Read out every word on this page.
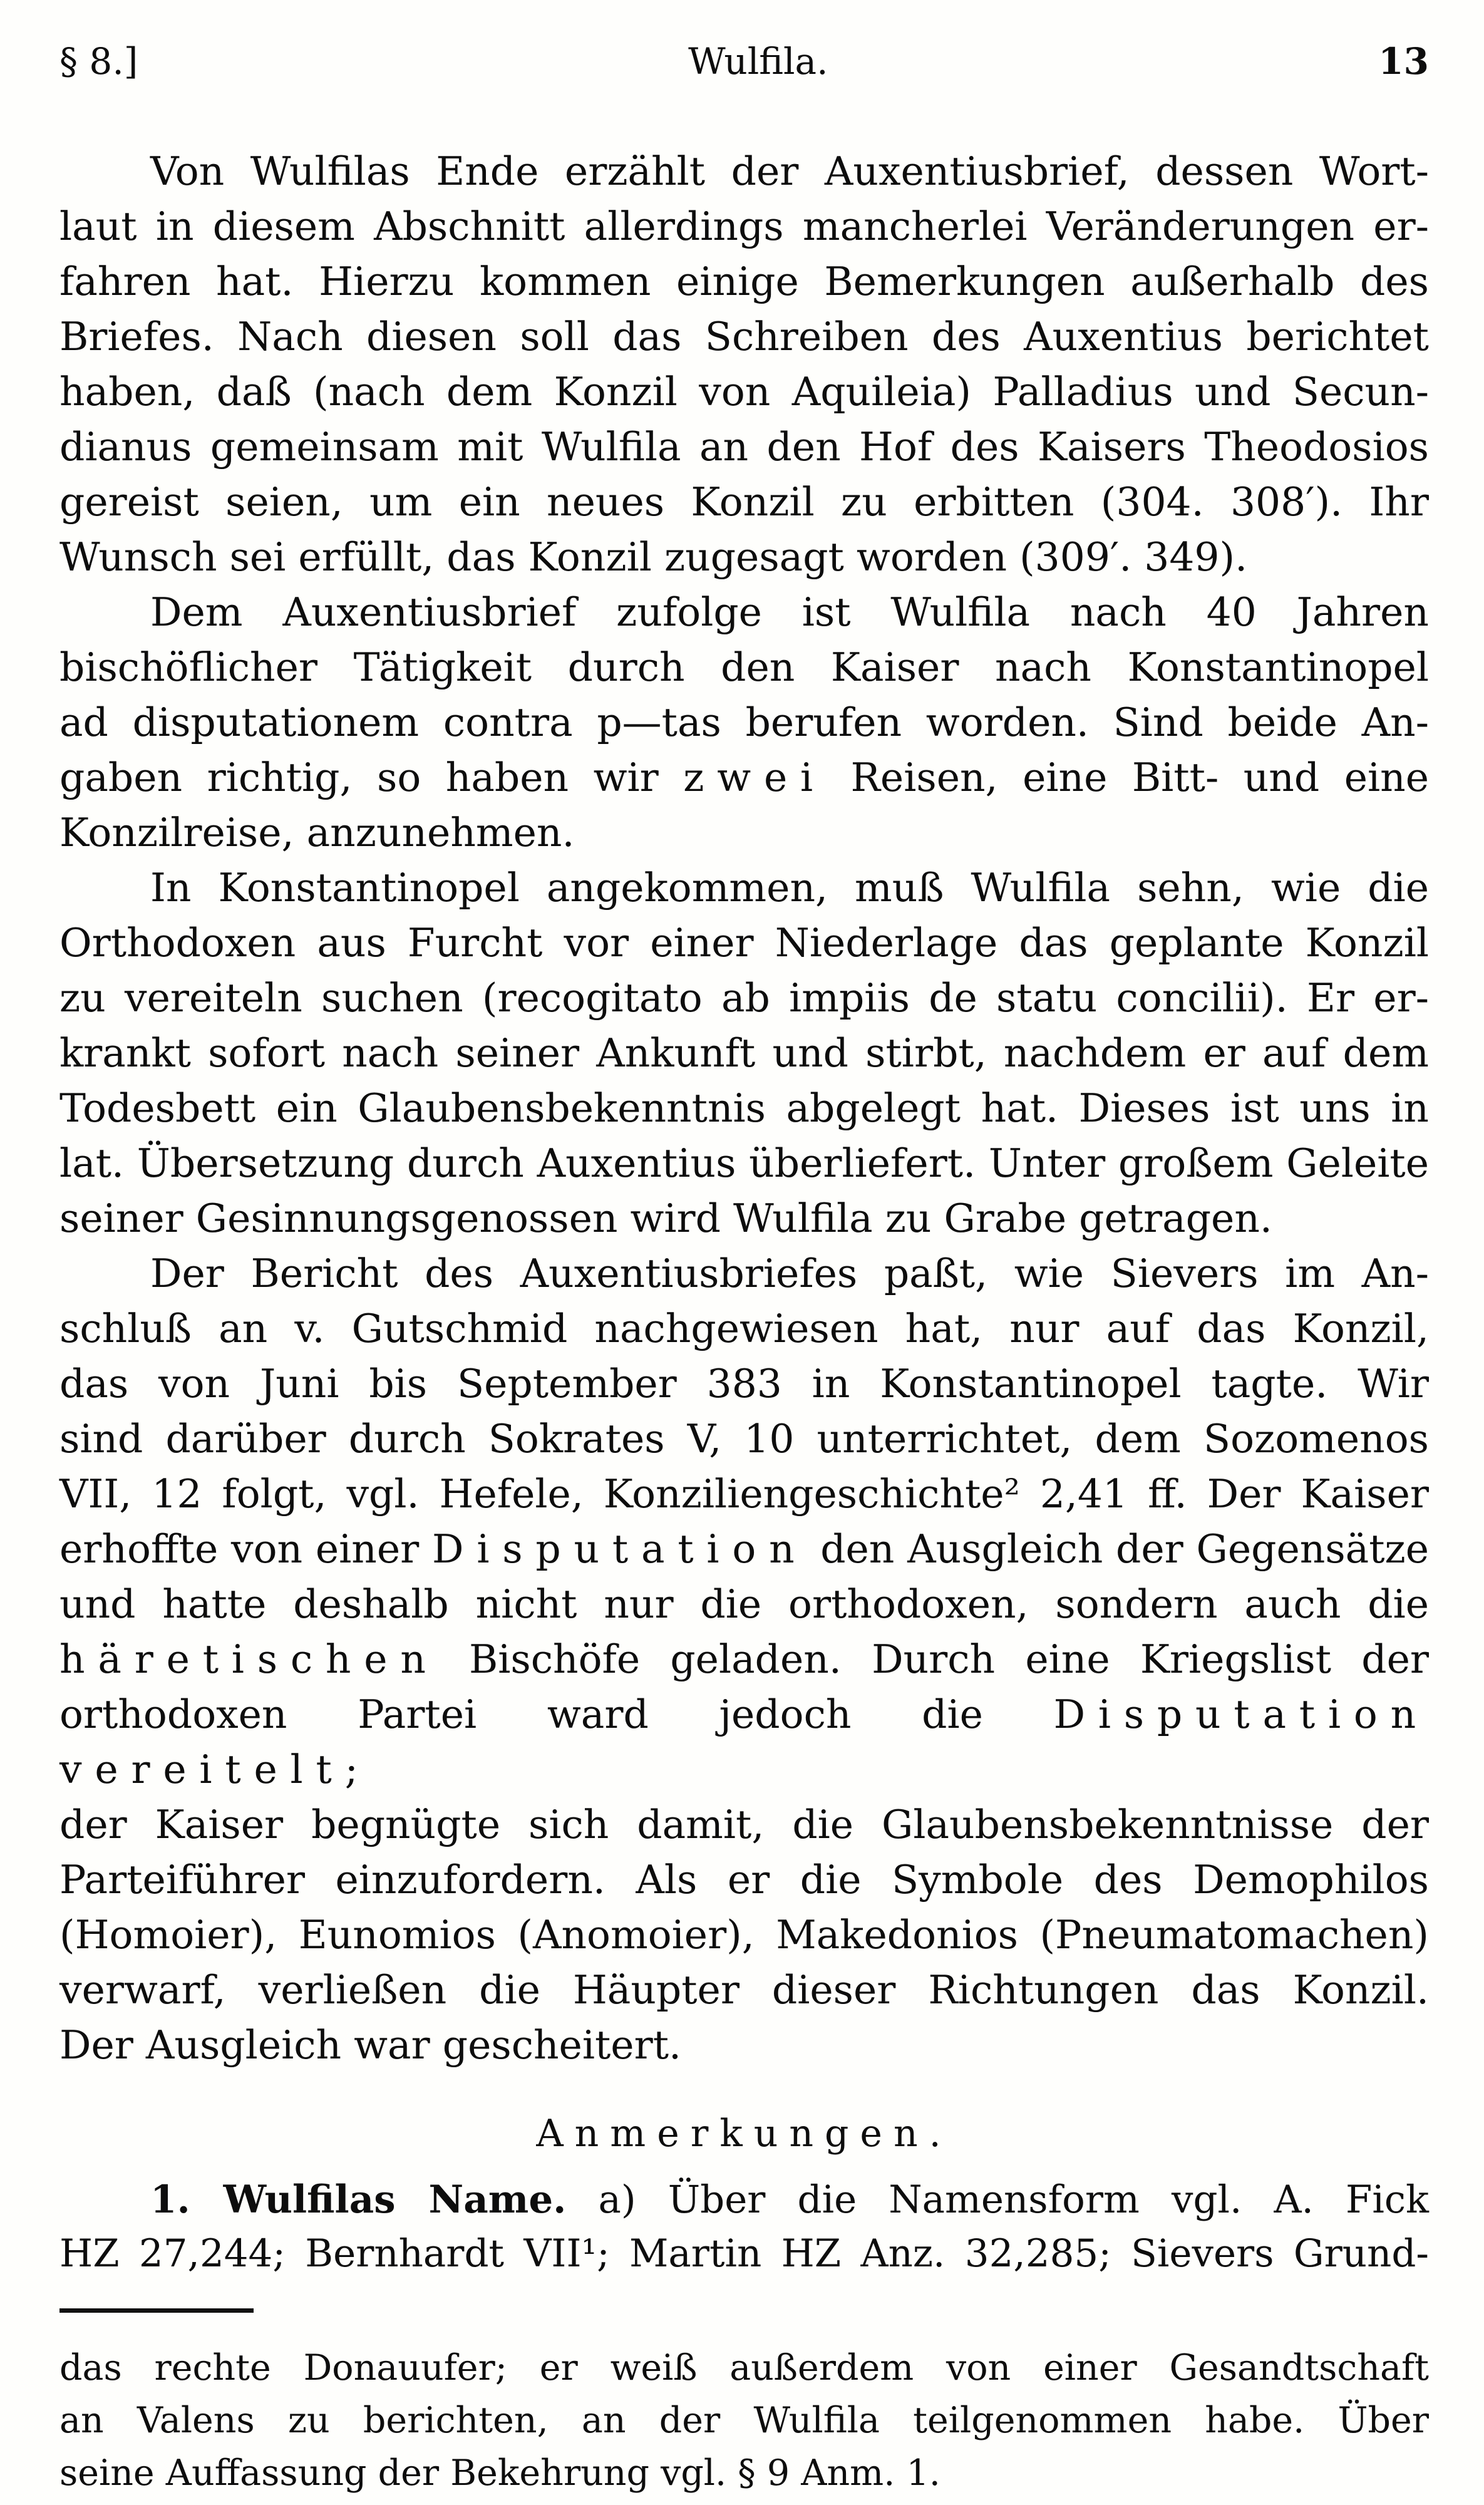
§ 8.]	Wulfila.	13
Von Wulfilas Ende erzählt der Auxentiusbrief, dessen Wort-
laut in diesem Abschnitt allerdings mancherlei Veränderungen er-
fahren hat. Hierzu kommen einige Bemerkungen außerhalb des
Briefes. Nach diesen soll das Schreiben des Auxentius berichtet
haben, daß (nach dem Konzil von Aquileia) Palladius und Secun-
dianus gemeinsam mit Wulfila an den Hof des Kaisers Theodosios
gereist seien, um ein neues Konzil zu erbitten (304. 308′). Ihr
Wunsch sei erfüllt, das Konzil zugesagt worden (309′. 349).
Dem Auxentiusbrief zufolge ist Wulfila nach 40 Jahren
bischöflicher Tätigkeit durch den Kaiser nach Konstantinopel
ad disputationem contra p—tas berufen worden. Sind beide An-
gaben richtig, so haben wir zwei Reisen, eine Bitt- und eine
Konzilreise, anzunehmen.
In Konstantinopel angekommen, muß Wulfila sehn, wie die
Orthodoxen aus Furcht vor einer Niederlage das geplante Konzil
zu vereiteln suchen (recogitato ab impiis de statu concilii). Er er-
krankt sofort nach seiner Ankunft und stirbt, nachdem er auf dem
Todesbett ein Glaubensbekenntnis abgelegt hat. Dieses ist uns in
lat. Übersetzung durch Auxentius überliefert. Unter großem Geleite
seiner Gesinnungsgenossen wird Wulfila zu Grabe getragen.
Der Bericht des Auxentiusbriefes paßt, wie Sievers im An-
schluß an v. Gutschmid nachgewiesen hat, nur auf das Konzil,
das von Juni bis September 383 in Konstantinopel tagte. Wir
sind darüber durch Sokrates V, 10 unterrichtet, dem Sozomenos
VII, 12 folgt, vgl. Hefele, Konziliengeschichte² 2,41 ff. Der Kaiser
erhoffte von einer Disputation den Ausgleich der Gegensätze
und hatte deshalb nicht nur die orthodoxen, sondern auch die
häretischen Bischöfe geladen. Durch eine Kriegslist der
orthodoxen Partei ward jedoch die Disputation vereitelt;
der Kaiser begnügte sich damit, die Glaubensbekenntnisse der
Parteiführer einzufordern. Als er die Symbole des Demophilos
(Homoier), Eunomios (Anomoier), Makedonios (Pneumatomachen)
verwarf, verließen die Häupter dieser Richtungen das Konzil.
Der Ausgleich war gescheitert.
Anmerkungen.
1. Wulfilas Name. a) Über die Namensform vgl. A. Fick
HZ 27,244; Bernhardt VII¹; Martin HZ Anz. 32,285; Sievers Grund-
das rechte Donauufer; er weiß außerdem von einer Gesandtschaft
an Valens zu berichten, an der Wulfila teilgenommen habe. Über
seine Auffassung der Bekehrung vgl. § 9 Anm. 1.
